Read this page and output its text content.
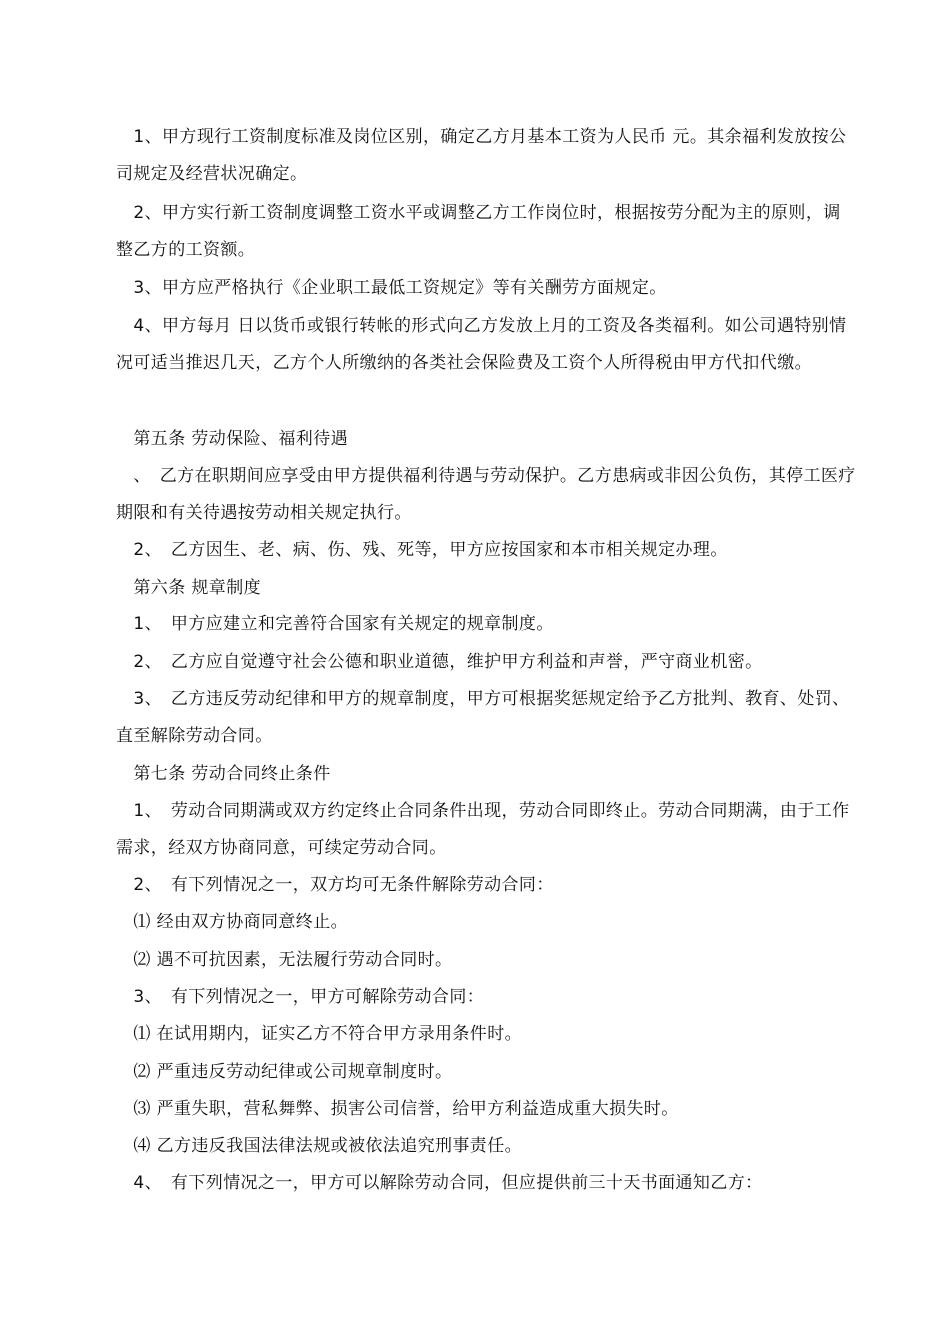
　1、甲方现行工资制度标准及岗位区别，确定乙方月基本工资为人民币 元。其余福利发放按公司规定及经营状况确定。
　2、甲方实行新工资制度调整工资水平或调整乙方工作岗位时，根据按劳分配为主的原则，调整乙方的工资额。
　3、甲方应严格执行《企业职工最低工资规定》等有关酬劳方面规定。
　4、甲方每月 日以货币或银行转帐的形式向乙方发放上月的工资及各类福利。如公司遇特别情况可适当推迟几天，乙方个人所缴纳的各类社会保险费及工资个人所得税由甲方代扣代缴。
　第五条 劳动保险、福利待遇
　、　乙方在职期间应享受由甲方提供福利待遇与劳动保护。乙方患病或非因公负伤，其停工医疗期限和有关待遇按劳动相关规定执行。
　2、　乙方因生、老、病、伤、残、死等，甲方应按国家和本市相关规定办理。
　第六条 规章制度
　1、　甲方应建立和完善符合国家有关规定的规章制度。
　2、　乙方应自觉遵守社会公德和职业道德，维护甲方利益和声誉，严守商业机密。
　3、　乙方违反劳动纪律和甲方的规章制度，甲方可根据奖惩规定给予乙方批判、教育、处罚、直至解除劳动合同。
　第七条 劳动合同终止条件
　1、　劳动合同期满或双方约定终止合同条件出现，劳动合同即终止。劳动合同期满，由于工作需求，经双方协商同意，可续定劳动合同。
　2、　有下列情况之一，双方均可无条件解除劳动合同：
　⑴ 经由双方协商同意终止。
　⑵ 遇不可抗因素，无法履行劳动合同时。
　3、　有下列情况之一，甲方可解除劳动合同：
　⑴ 在试用期内，证实乙方不符合甲方录用条件时。
　⑵ 严重违反劳动纪律或公司规章制度时。
　⑶ 严重失职，营私舞弊、损害公司信誉，给甲方利益造成重大损失时。
　⑷ 乙方违反我国法律法规或被依法追究刑事责任。
　4、　有下列情况之一，甲方可以解除劳动合同，但应提供前三十天书面通知乙方：
